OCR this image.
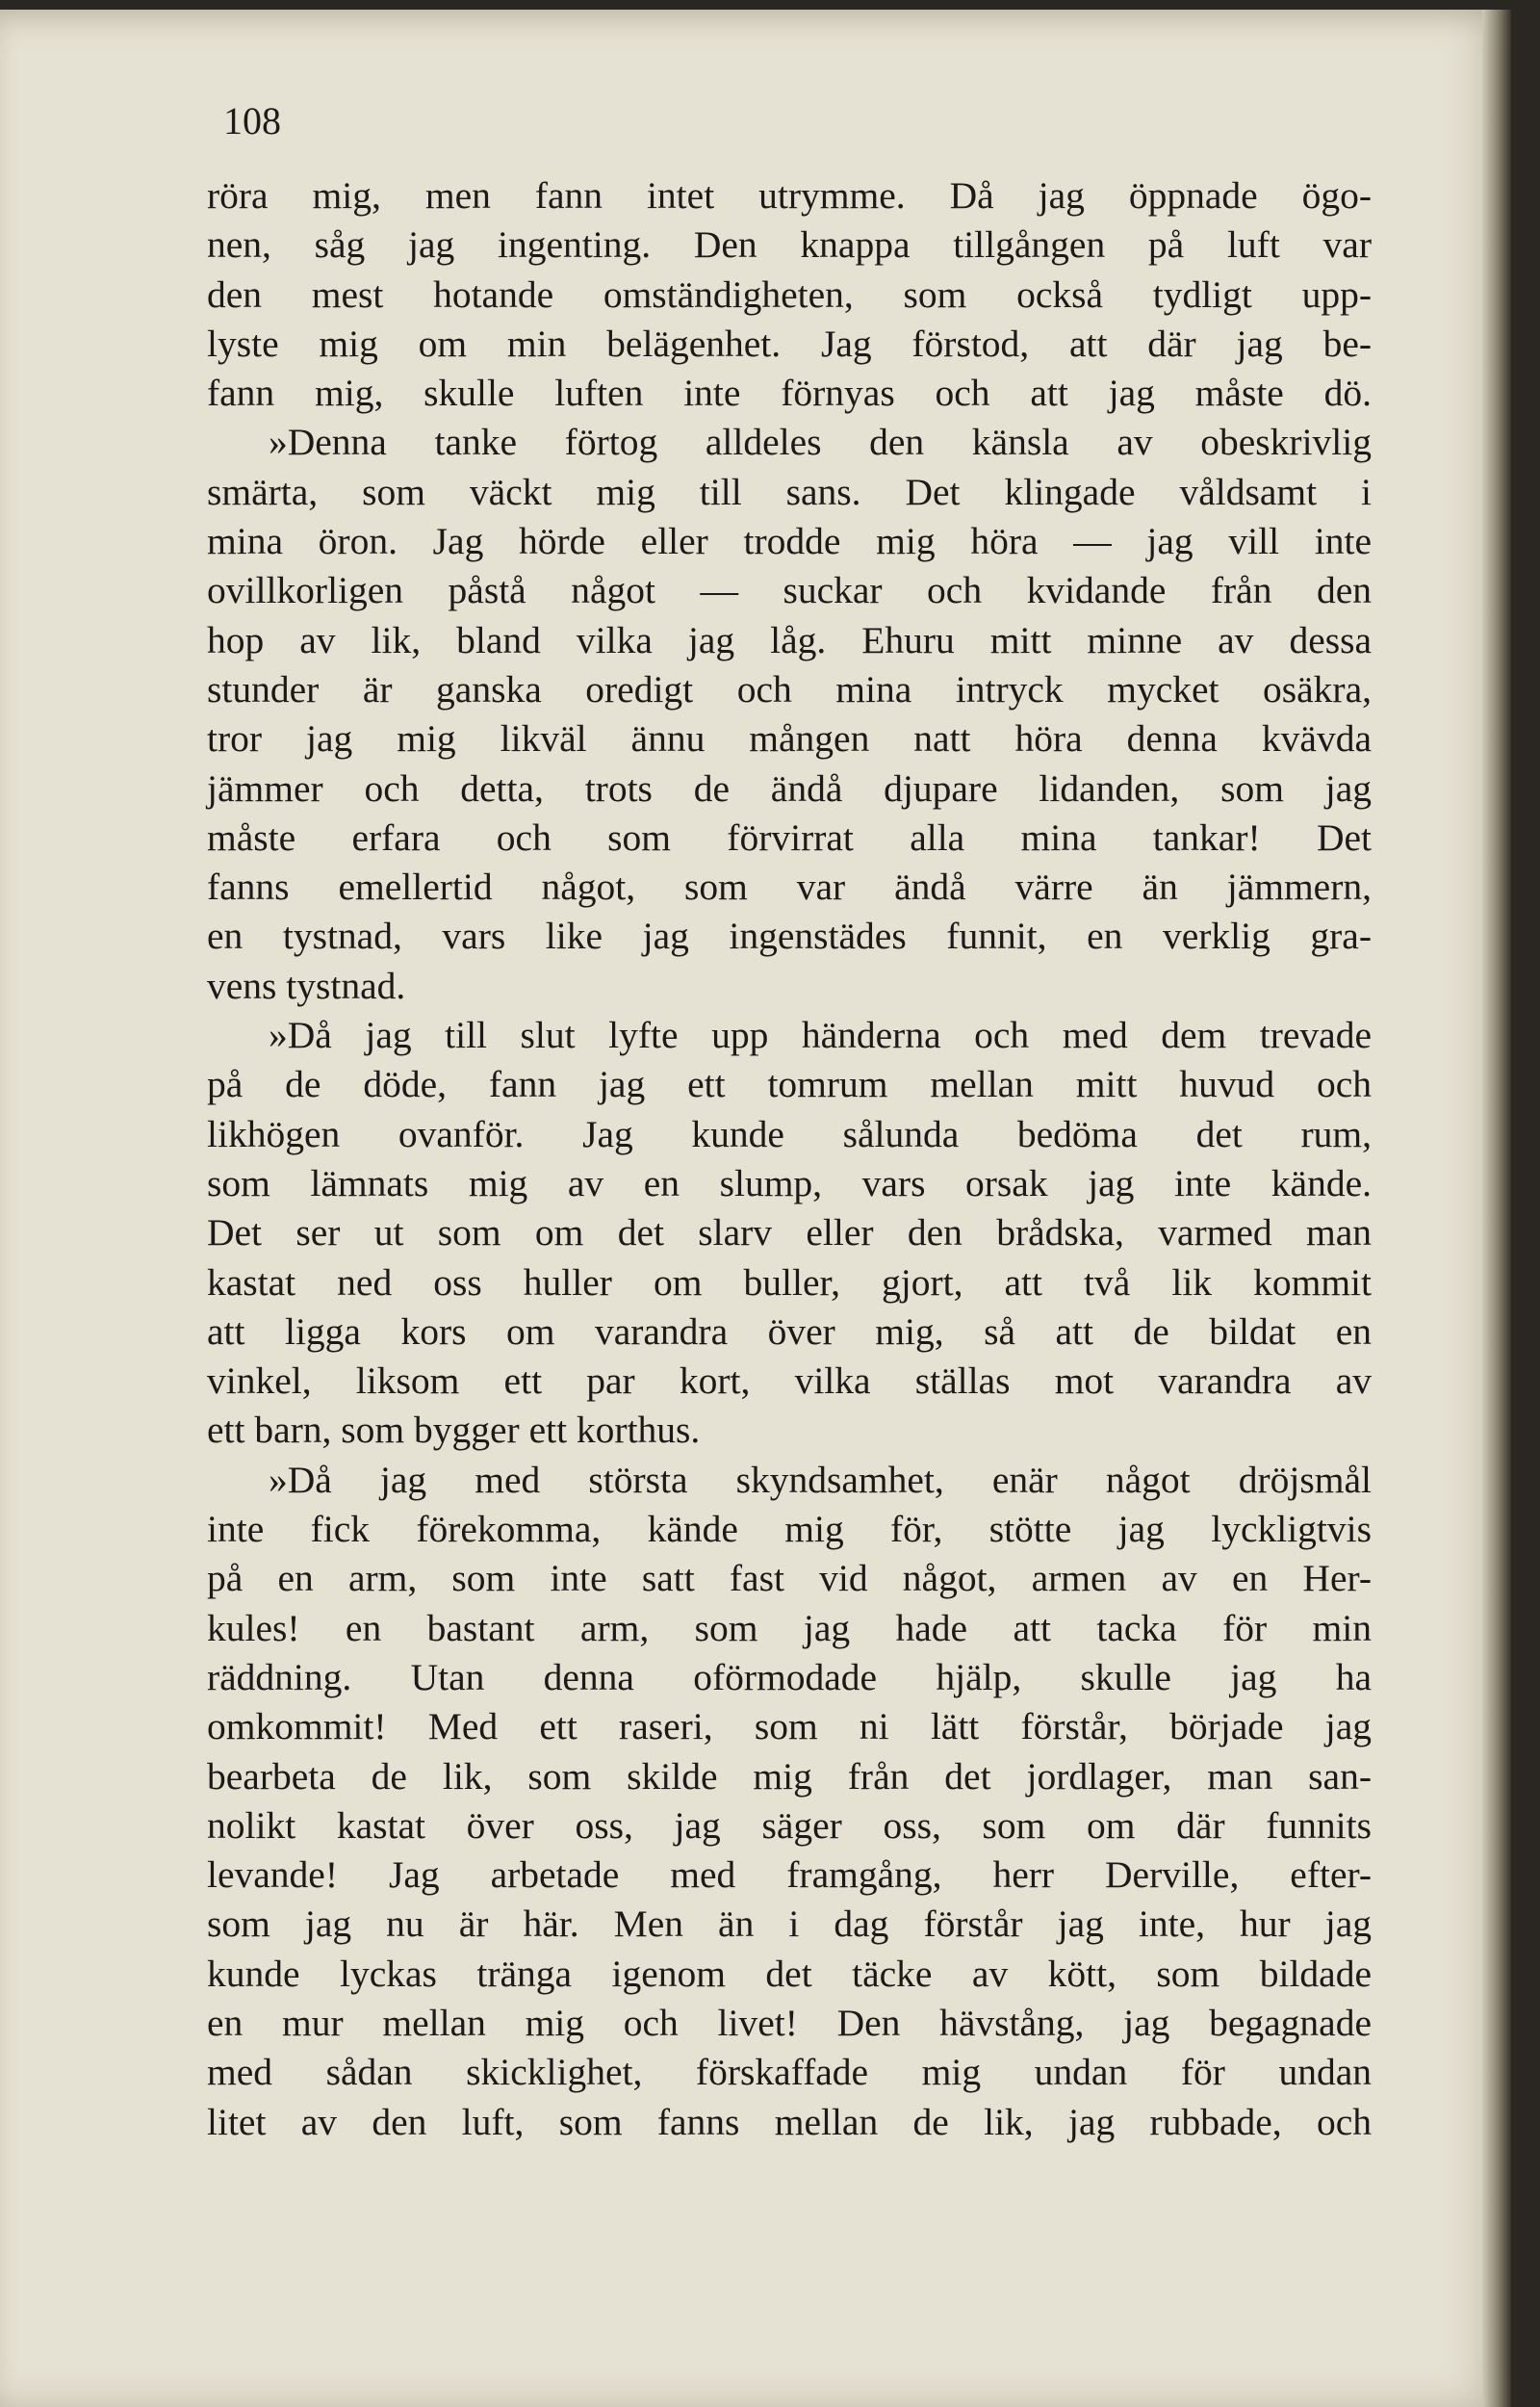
108
röra mig, men fann intet utrymme. Då jag öppnade ögo-
nen, såg jag ingenting. Den knappa tillgången på luft var
den mest hotande omständigheten, som också tydligt upp-
lyste mig om min belägenhet. Jag förstod, att där jag be-
fann mig, skulle luften inte förnyas och att jag måste dö.
»Denna tanke förtog alldeles den känsla av obeskrivlig
smärta, som väckt mig till sans. Det klingade våldsamt i
mina öron. Jag hörde eller trodde mig höra — jag vill inte
ovillkorligen påstå något — suckar och kvidande från den
hop av lik, bland vilka jag låg. Ehuru mitt minne av dessa
stunder är ganska oredigt och mina intryck mycket osäkra,
tror jag mig likväl ännu mången natt höra denna kvävda
jämmer och detta, trots de ändå djupare lidanden, som jag
måste erfara och som förvirrat alla mina tankar! Det
fanns emellertid något, som var ändå värre än jämmern,
en tystnad, vars like jag ingenstädes funnit, en verklig gra-
vens tystnad.
»Då jag till slut lyfte upp händerna och med dem trevade
på de döde, fann jag ett tomrum mellan mitt huvud och
likhögen ovanför. Jag kunde sålunda bedöma det rum,
som lämnats mig av en slump, vars orsak jag inte kände.
Det ser ut som om det slarv eller den brådska, varmed man
kastat ned oss huller om buller, gjort, att två lik kommit
att ligga kors om varandra över mig, så att de bildat en
vinkel, liksom ett par kort, vilka ställas mot varandra av
ett barn, som bygger ett korthus.
»Då jag med största skyndsamhet, enär något dröjsmål
inte fick förekomma, kände mig för, stötte jag lyckligtvis
på en arm, som inte satt fast vid något, armen av en Her-
kules! en bastant arm, som jag hade att tacka för min
räddning. Utan denna oförmodade hjälp, skulle jag ha
omkommit! Med ett raseri, som ni lätt förstår, började jag
bearbeta de lik, som skilde mig från det jordlager, man san-
nolikt kastat över oss, jag säger oss, som om där funnits
levande! Jag arbetade med framgång, herr Derville, efter-
som jag nu är här. Men än i dag förstår jag inte, hur jag
kunde lyckas tränga igenom det täcke av kött, som bildade
en mur mellan mig och livet! Den hävstång, jag begagnade
med sådan skicklighet, förskaffade mig undan för undan
litet av den luft, som fanns mellan de lik, jag rubbade, och
